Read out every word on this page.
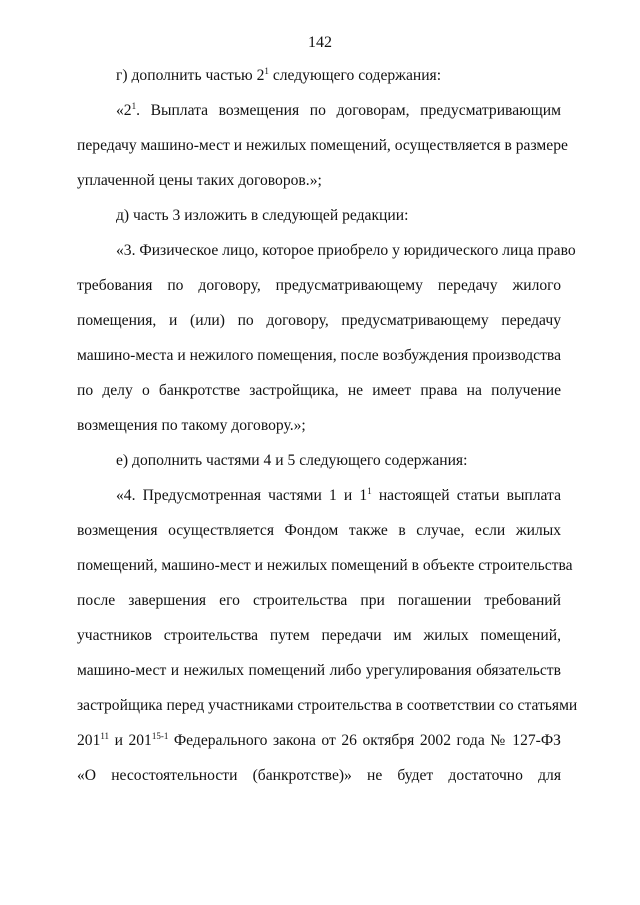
142
г) дополнить частью $2^1$ следующего содержания:
«$2^1$. Выплата возмещения по договорам, предусматривающим
передачу машино-мест и нежилых помещений, осуществляется в размере
уплаченной цены таких договоров.»;
д) часть 3 изложить в следующей редакции:
«3. Физическое лицо, которое приобрело у юридического лица право
требования по договору, предусматривающему передачу жилого
помещения, и (или) по договору, предусматривающему передачу
машино-места и нежилого помещения, после возбуждения производства
по делу о банкротстве застройщика, не имеет права на получение
возмещения по такому договору.»;
е) дополнить частями 4 и 5 следующего содержания:
«4. Предусмотренная частями 1 и $1^1$ настоящей статьи выплата
возмещения осуществляется Фондом также в случае, если жилых
помещений, машино-мест и нежилых помещений в объекте строительства
после завершения его строительства при погашении требований
участников строительства путем передачи им жилых помещений,
машино-мест и нежилых помещений либо урегулирования обязательств
застройщика перед участниками строительства в соответствии со статьями
$201^{11}$ и 201$^{15-1}$ Федерального закона от 26 октября 2002 года № 127-ФЗ
«О несостоятельности (банкротстве)» не будет достаточно для
